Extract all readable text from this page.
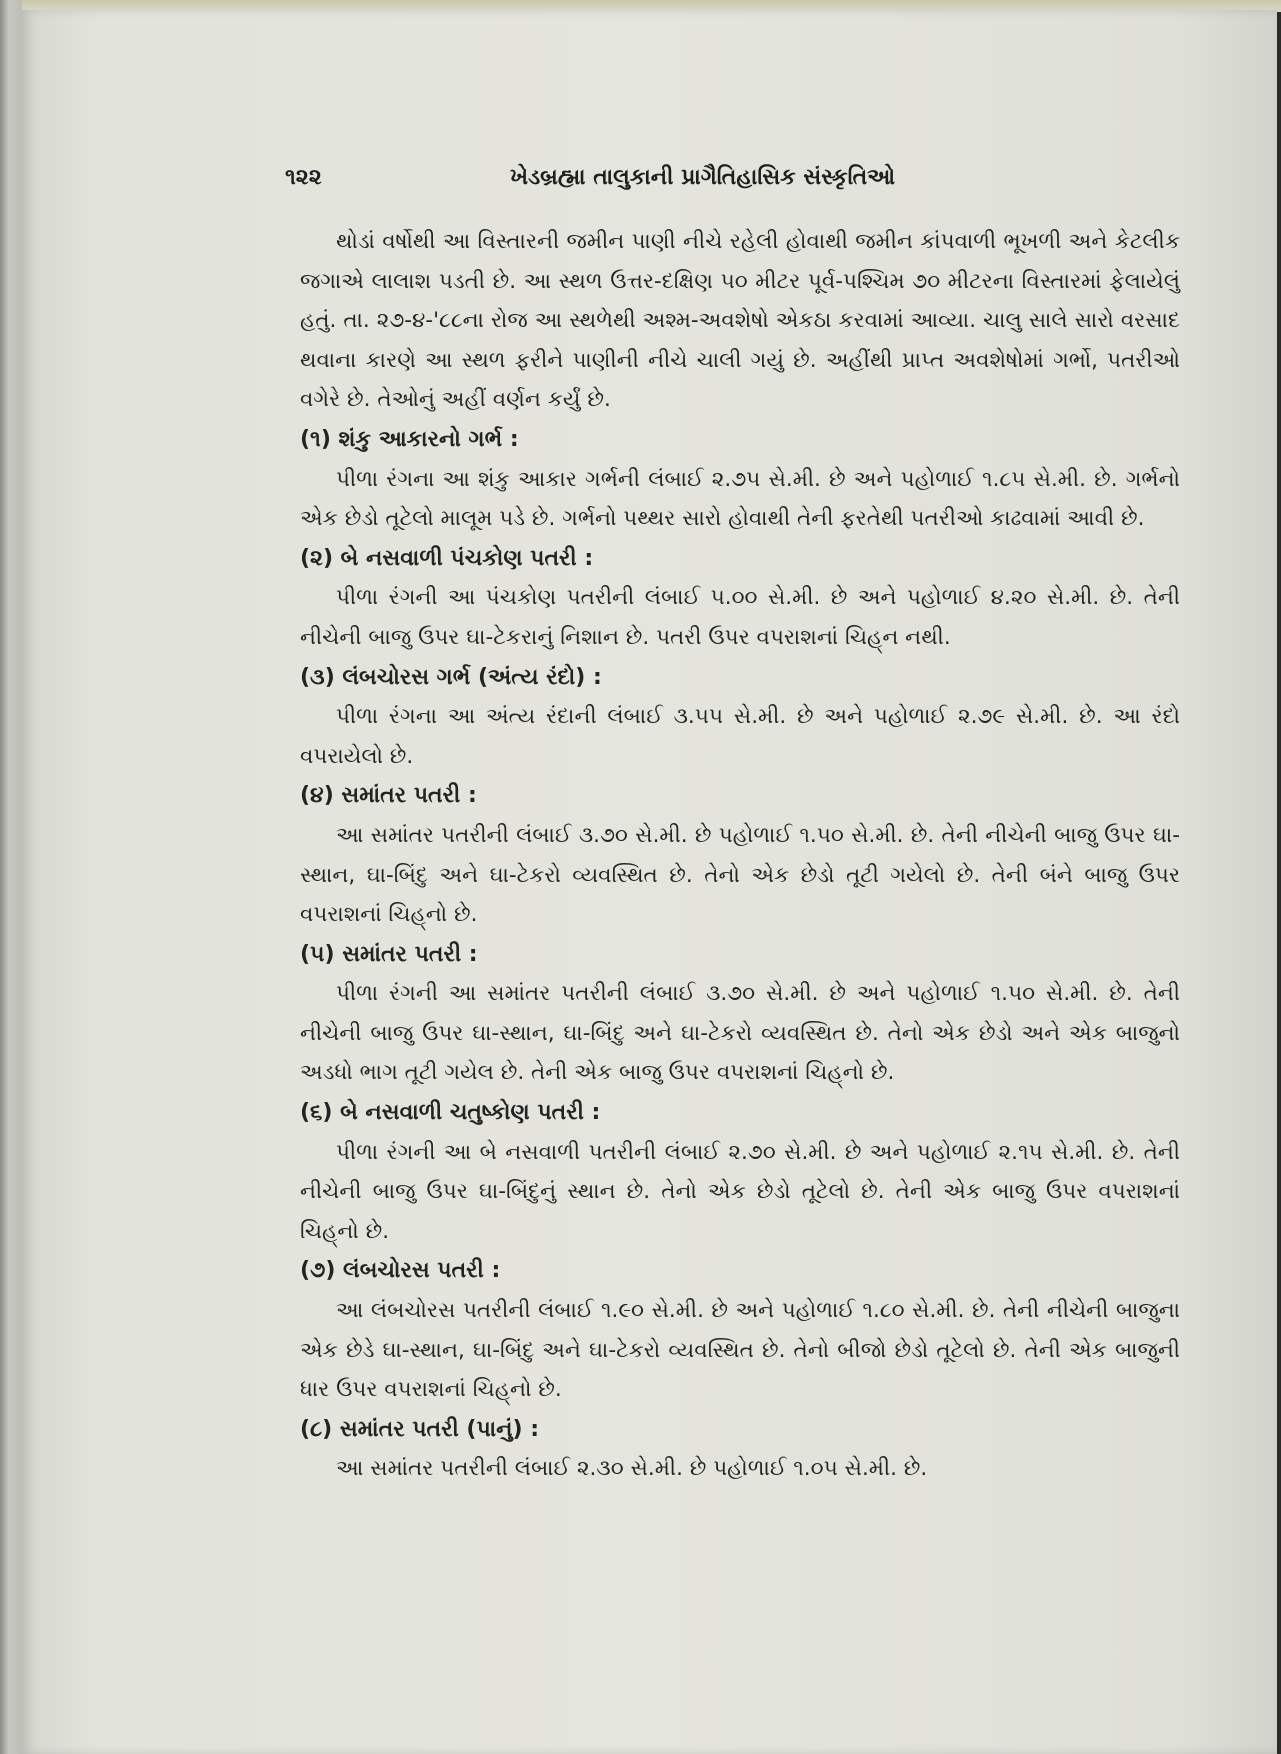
૧૨૨	ખેડબ્રહ્મા તાલુકાની પ્રાગૈતિહાસિક સંસ્કૃતિઓ

થોડાં વર્ષોથી આ વિસ્તારની જમીન પાણી નીચે રહેલી હોવાથી જમીન કાંપવાળી ભૂખળી અને કેટલીક જગાએ લાલાશ પડતી છે. આ સ્થળ ઉત્તર-દક્ષિણ ૫૦ મીટર પૂર્વ-પશ્ચિમ ૭૦ મીટરના વિસ્તારમાં ફેલાયેલું હતું. તા. ૨૭-૪-'૮૮ના રોજ આ સ્થળેથી અશ્મ-અવશેષો એકઠા કરવામાં આવ્યા. ચાલુ સાલે સારો વરસાદ થવાના કારણે આ સ્થળ ફરીને પાણીની નીચે ચાલી ગયું છે. અહીંથી પ્રાપ્ત અવશેષોમાં ગર્ભો, પતરીઓ વગેરે છે. તેઓનું અહીં વર્ણન કર્યું છે.

(૧) શંકુ આકારનો ગર્ભ :

પીળા રંગના આ શંકુ આકાર ગર્ભની લંબાઈ ૨.૭૫ સે.મી. છે અને પહોળાઈ ૧.૮૫ સે.મી. છે. ગર્ભનો એક છેડો તૂટેલો માલૂમ પડે છે. ગર્ભનો પથ્થર સારો હોવાથી તેની ફરતેથી પતરીઓ કાઢવામાં આવી છે.

(૨) બે નસવાળી પંચકોણ પતરી :

પીળા રંગની આ પંચકોણ પતરીની લંબાઈ ૫.૦૦ સે.મી. છે અને પહોળાઈ ૪.૨૦ સે.મી. છે. તેની નીચેની બાજુ ઉપર ઘા-ટેકરાનું નિશાન છે. પતરી ઉપર વપરાશનાં ચિહ્‌ન નથી.

(૩) લંબચોરસ ગર્ભ (અંત્ય રંદો) :

પીળા રંગના આ અંત્ય રંદાની લંબાઈ ૩.૫૫ સે.મી. છે અને પહોળાઈ ૨.૭૯ સે.મી. છે. આ રંદો વપરાયેલો છે.

(૪) સમાંતર પતરી :

આ સમાંતર પતરીની લંબાઈ ૩.૭૦ સે.મી. છે પહોળાઈ ૧.૫૦ સે.મી. છે. તેની નીચેની બાજુ ઉપર ઘા-સ્થાન, ઘા-બિંદુ અને ઘા-ટેકરો વ્યવસ્થિત છે. તેનો એક છેડો તૂટી ગયેલો છે. તેની બંને બાજુ ઉપર વપરાશનાં ચિહ્‌નો છે.

(૫) સમાંતર પતરી :

પીળા રંગની આ સમાંતર પતરીની લંબાઈ ૩.૭૦ સે.મી. છે અને પહોળાઈ ૧.૫૦ સે.મી. છે. તેની નીચેની બાજુ ઉપર ઘા-સ્થાન, ઘા-બિંદુ અને ઘા-ટેકરો વ્યવસ્થિત છે. તેનો એક છેડો અને એક બાજુનો અડધો ભાગ તૂટી ગયેલ છે. તેની એક બાજુ ઉપર વપરાશનાં ચિહ્‌નો છે.

(૬) બે નસવાળી ચતુષ્કોણ પતરી :

પીળા રંગની આ બે નસવાળી પતરીની લંબાઈ ૨.૭૦ સે.મી. છે અને પહોળાઈ ૨.૧૫ સે.મી. છે. તેની નીચેની બાજુ ઉપર ઘા-બિંદુનું સ્થાન છે. તેનો એક છેડો તૂટેલો છે. તેની એક બાજુ ઉપર વપરાશનાં ચિહ્‌નો છે.

(૭) લંબચોરસ પતરી :

આ લંબચોરસ પતરીની લંબાઈ ૧.૯૦ સે.મી. છે અને પહોળાઈ ૧.૮૦ સે.મી. છે. તેની નીચેની બાજુના એક છેડે ઘા-સ્થાન, ઘા-બિંદુ અને ઘા-ટેકરો વ્યવસ્થિત છે. તેનો બીજો છેડો તૂટેલો છે. તેની એક બાજુની ધાર ઉપર વપરાશનાં ચિહ્‌નો છે.

(૮) સમાંતર પતરી (પાનું) :

આ સમાંતર પતરીની લંબાઈ ૨.૩૦ સે.મી. છે પહોળાઈ ૧.૦૫ સે.મી. છે.
